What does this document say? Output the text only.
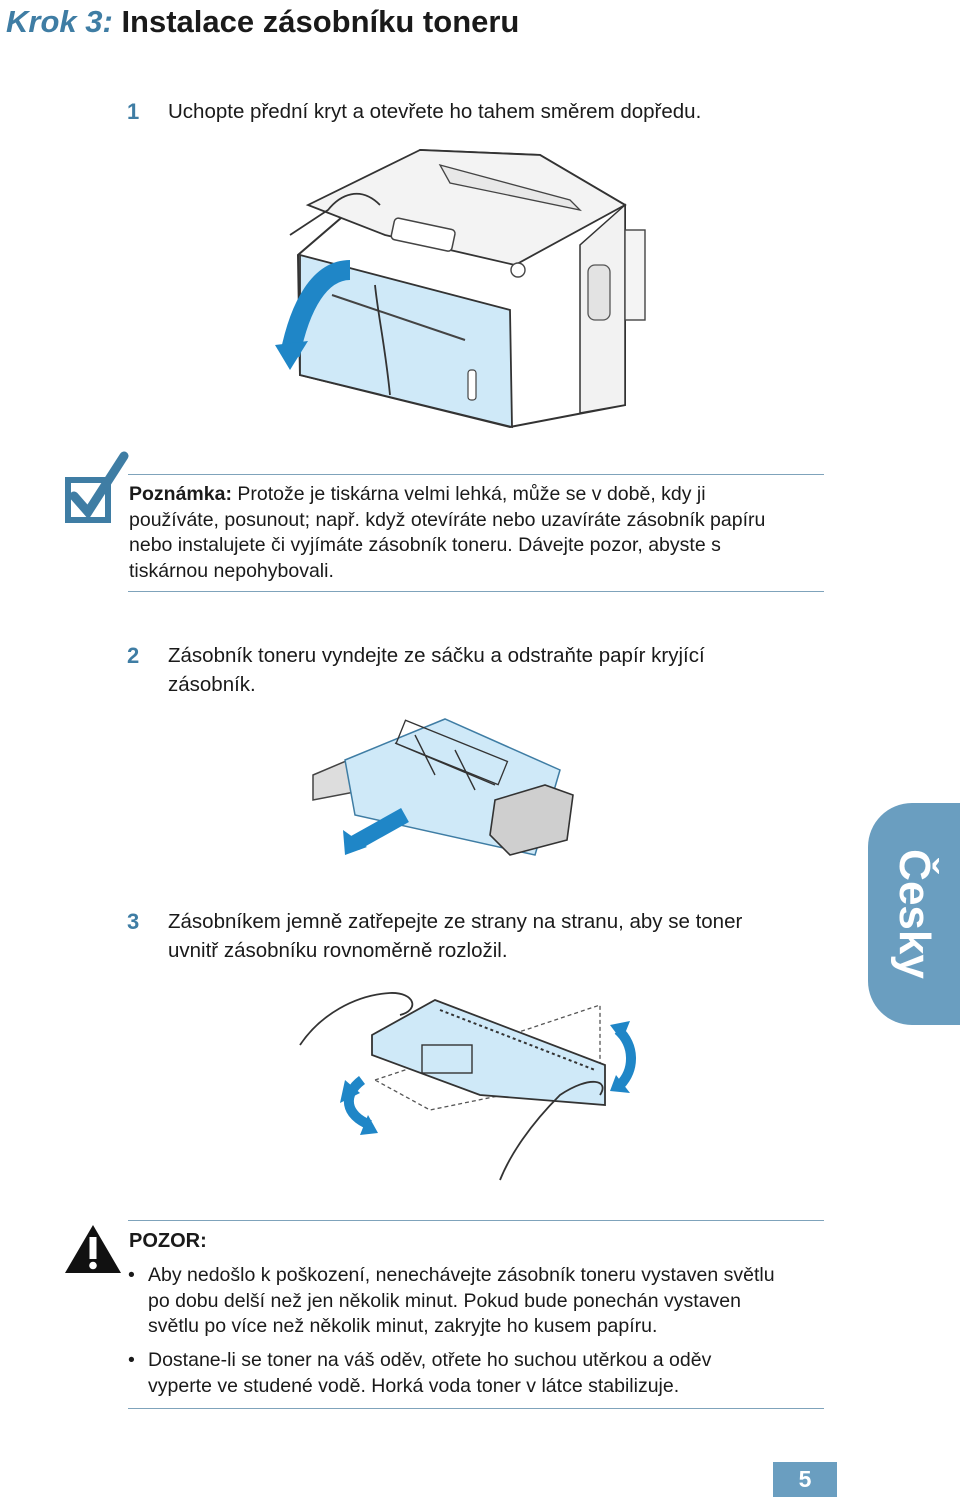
Krok 3: Instalace zásobníku toneru
1 Uchopte přední kryt a otevřete ho tahem směrem dopředu.
Poznámka: Protože je tiskárna velmi lehká, může se v době, kdy ji
používáte, posunout; např. když otevíráte nebo uzavíráte zásobník papíru
nebo instalujete či vyjímáte zásobník toneru. Dávejte pozor, abyste s
tiskárnou nepohybovali.
2 Zásobník toneru vyndejte ze sáčku a odstraňte papír kryjící
zásobník.
Česky
3 Zásobníkem jemně zatřepejte ze strany na stranu, aby se toner
uvnitř zásobníku rovnoměrně rozložil.
POZOR:
• Aby nedošlo k poškození, nenechávejte zásobník toneru vystaven světlu
po dobu delší než jen několik minut. Pokud bude ponechán vystaven
světlu po více než několik minut, zakryjte ho kusem papíru.
• Dostane-li se toner na váš oděv, otřete ho suchou utěrkou a oděv
vyperte ve studené vodě. Horká voda toner v látce stabilizuje.
5
